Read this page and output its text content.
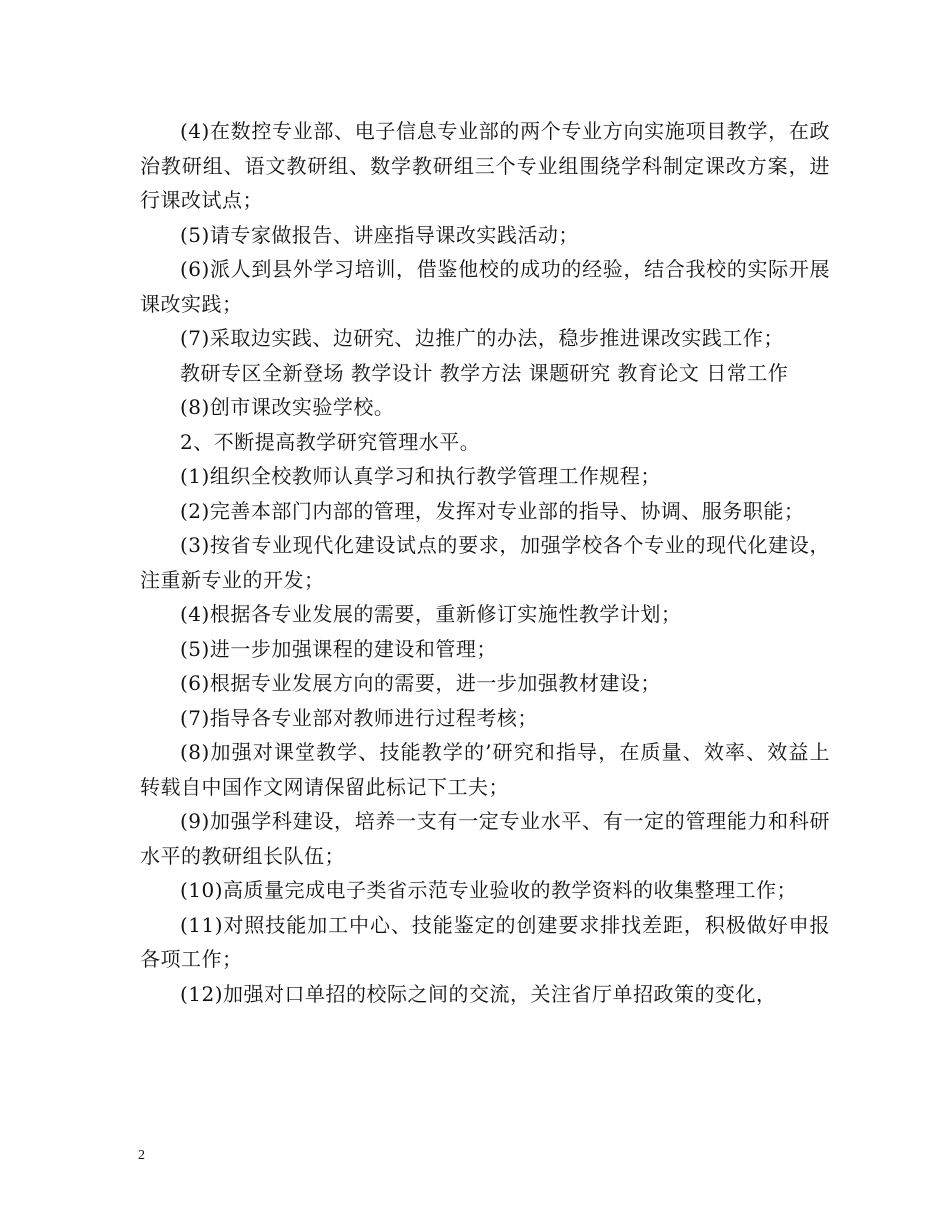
(4)在数控专业部、电子信息专业部的两个专业方向实施项目教学，在政治教研组、语文教研组、数学教研组三个专业组围绕学科制定课改方案，进行课改试点；

(5)请专家做报告、讲座指导课改实践活动；

(6)派人到县外学习培训，借鉴他校的成功的经验，结合我校的实际开展课改实践；

(7)采取边实践、边研究、边推广的办法，稳步推进课改实践工作；

教研专区全新登场 教学设计 教学方法 课题研究 教育论文 日常工作

(8)创市课改实验学校。

2、不断提高教学研究管理水平。

(1)组织全校教师认真学习和执行教学管理工作规程；

(2)完善本部门内部的管理，发挥对专业部的指导、协调、服务职能；

(3)按省专业现代化建设试点的要求，加强学校各个专业的现代化建设，注重新专业的开发；

(4)根据各专业发展的需要，重新修订实施性教学计划；

(5)进一步加强课程的建设和管理；

(6)根据专业发展方向的需要，进一步加强教材建设；

(7)指导各专业部对教师进行过程考核；

(8)加强对课堂教学、技能教学的’研究和指导，在质量、效率、效益上转载自中国作文网请保留此标记下工夫；

(9)加强学科建设，培养一支有一定专业水平、有一定的管理能力和科研水平的教研组长队伍；

(10)高质量完成电子类省示范专业验收的教学资料的收集整理工作；

(11)对照技能加工中心、技能鉴定的创建要求排找差距，积极做好申报各项工作；

(12)加强对口单招的校际之间的交流，关注省厅单招政策的变化，

2
